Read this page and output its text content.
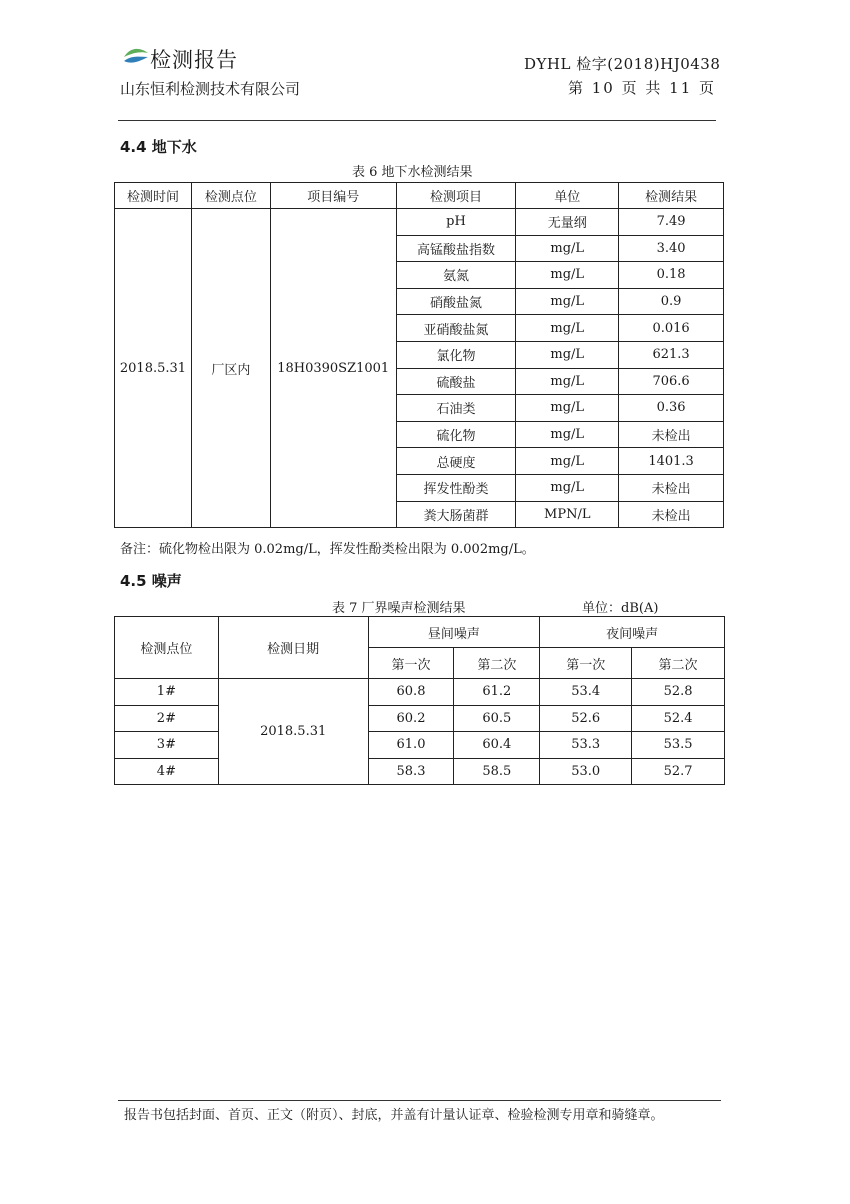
检测报告
山东恒利检测技术有限公司
DYHL 检字(2018)HJ0438
第 10 页 共 11 页
4.4 地下水
表 6 地下水检测结果
检测时间	检测点位	项目编号	检测项目	单位	检测结果
2018.5.31	厂区内	18H0390SZ1001	pH	无量纲	7.49
			高锰酸盐指数	mg/L	3.40
			氨氮	mg/L	0.18
			硝酸盐氮	mg/L	0.9
			亚硝酸盐氮	mg/L	0.016
			氯化物	mg/L	621.3
			硫酸盐	mg/L	706.6
			石油类	mg/L	0.36
			硫化物	mg/L	未检出
			总硬度	mg/L	1401.3
			挥发性酚类	mg/L	未检出
			粪大肠菌群	MPN/L	未检出
备注：硫化物检出限为 0.02mg/L，挥发性酚类检出限为 0.002mg/L。
4.5 噪声
表 7 厂界噪声检测结果	单位：dB(A)
检测点位	检测日期	昼间噪声		夜间噪声	
		第一次	第二次	第一次	第二次
1#	2018.5.31	60.8	61.2	53.4	52.8
2#		60.2	60.5	52.6	52.4
3#		61.0	60.4	53.3	53.5
4#		58.3	58.5	53.0	52.7
报告书包括封面、首页、正文（附页）、封底，并盖有计量认证章、检验检测专用章和骑缝章。
